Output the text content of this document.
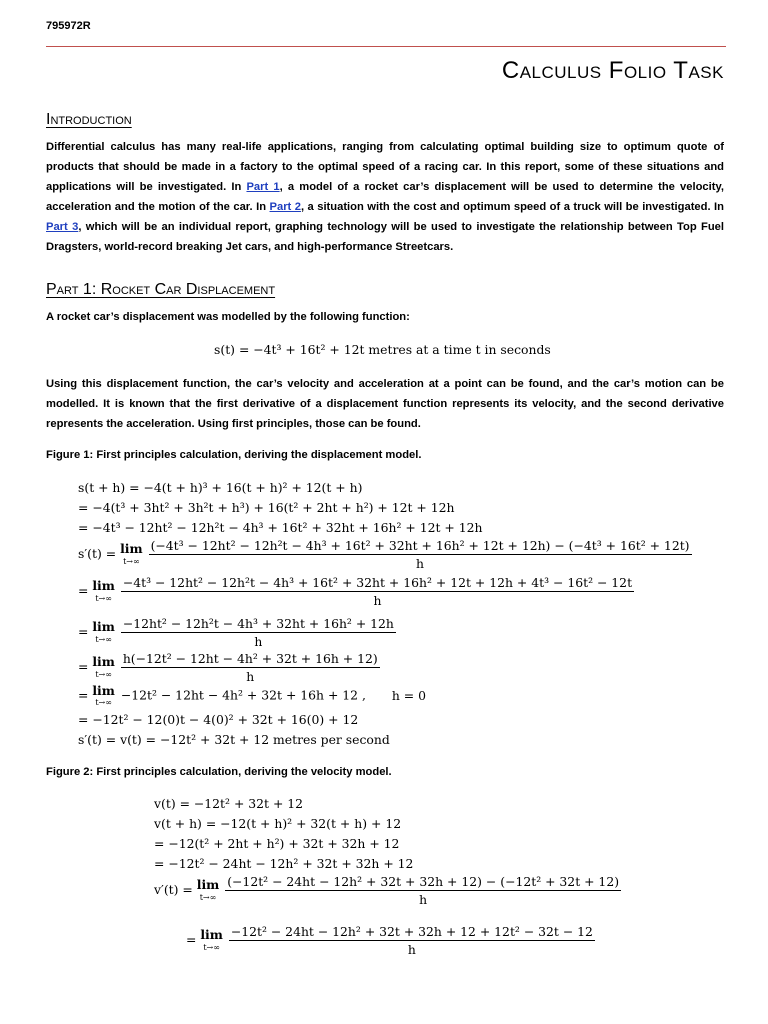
795972R
Calculus Folio Task
Introduction
Differential calculus has many real-life applications, ranging from calculating optimal building size to optimum quote of products that should be made in a factory to the optimal speed of a racing car. In this report, some of these situations and applications will be investigated. In Part 1, a model of a rocket car’s displacement will be used to determine the velocity, acceleration and the motion of the car. In Part 2, a situation with the cost and optimum speed of a truck will be investigated. In Part 3, which will be an individual report, graphing technology will be used to investigate the relationship between Top Fuel Dragsters, world-record breaking Jet cars, and high-performance Streetcars.
Part 1: Rocket Car Displacement
A rocket car’s displacement was modelled by the following function:
s(t) = −4t³ + 16t² + 12t metres at a time t in seconds
Using this displacement function, the car’s velocity and acceleration at a point can be found, and the car’s motion can be modelled. It is known that the first derivative of a displacement function represents its velocity, and the second derivative represents the acceleration. Using first principles, those can be found.
Figure 1: First principles calculation, deriving the displacement model.
s(t + h) = −4(t + h)³ + 16(t + h)² + 12(t + h)
= −4(t³ + 3ht² + 3h²t + h³) + 16(t² + 2ht + h²) + 12t + 12h
= −4t³ − 12ht² − 12h²t − 4h³ + 16t² + 32ht + 16h² + 12t + 12h
s′(t) = lim
t→∞

(−4t³ − 12ht² − 12h²t − 4h³ + 16t² + 32ht + 16h² + 12t + 12h) − (−4t³ + 16t² + 12t)
h
= lim
t→∞

−4t³ − 12ht² − 12h²t − 4h³ + 16t² + 32ht + 16h² + 12t + 12h + 4t³ − 16t² − 12t
h
= lim
t→∞
$\frac{\text{−12ht² − 12h²t − 4h³ + 32ht + 16h² + 12h}}{h}$
= lim
t→∞
$\frac{\text{h(−12t² − 12ht − 4h² + 32t + 16h + 12)}}{h}$
= lim
t→∞
−12t² − 12ht − 4h² + 32t + 16h + 12 , h = 0
= −12t² − 12(0)t − 4(0)² + 32t + 16(0) + 12
s′(t) = v(t) = −12t² + 32t + 12 metres per second
Figure 2: First principles calculation, deriving the velocity model.
v(t) = −12t² + 32t + 12
v(t + h) = −12(t + h)² + 32(t + h) + 12
= −12(t² + 2ht + h²) + 32t + 32h + 12
= −12t² − 24ht − 12h² + 32t + 32h + 12
v′(t) = lim
t→∞
$\frac{\text{(−12t² − 24ht − 12h² + 32t + 32h + 12) − (−12t² + 32t + 12)}}{h}$
= lim
t→∞
$\frac{\text{−12t² − 24ht − 12h² + 32t + 32h + 12 + 12t² − 32t − 12}}{h}$
